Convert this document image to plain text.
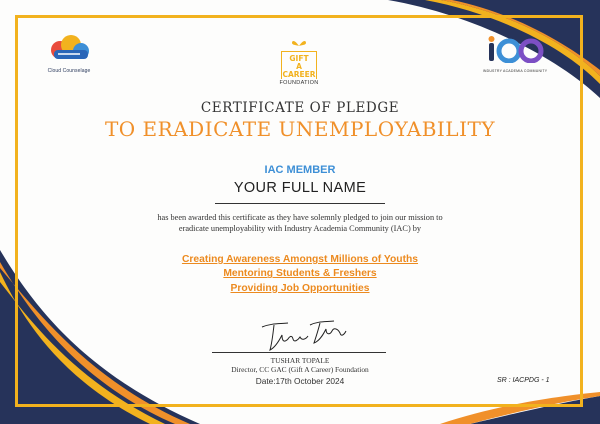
Cloud Counselage
GIFT
A
CAREER
FOUNDATION
INDUSTRY ACADEMIA COMMUNITY
CERTIFICATE OF PLEDGE
TO ERADICATE UNEMPLOYABILITY
IAC MEMBER
YOUR FULL NAME
has been awarded this certificate as they have solemnly pledged to join our mission to
eradicate unemployability with Industry Academia Community (IAC) by
Creating Awareness Amongst Millions of Youths
Mentoring Students & Freshers
Providing Job Opportunities
TUSHAR TOPALE
Director, CC GAC (Gift A Career) Foundation
Date:17th October 2024	SR : IACPDG - 1
